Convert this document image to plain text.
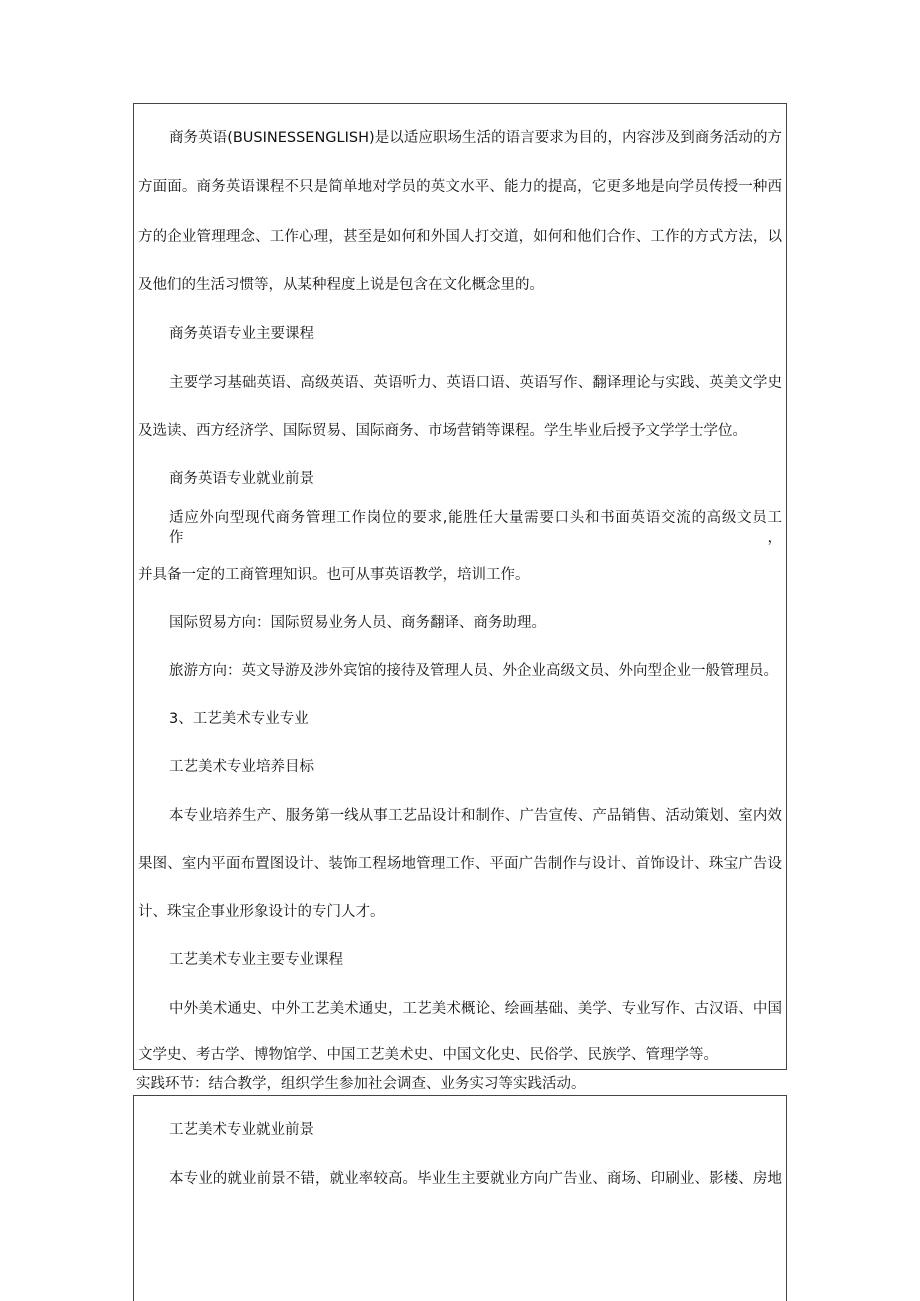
商务英语(BUSINESSENGLISH)是以适应职场生活的语言要求为目的，内容涉及到商务活动的方
方面面。商务英语课程不只是简单地对学员的英文水平、能力的提高，它更多地是向学员传授一种西
方的企业管理理念、工作心理，甚至是如何和外国人打交道，如何和他们合作、工作的方式方法，以
及他们的生活习惯等，从某种程度上说是包含在文化概念里的。
商务英语专业主要课程
主要学习基础英语、高级英语、英语听力、英语口语、英语写作、翻译理论与实践、英美文学史
及选读、西方经济学、国际贸易、国际商务、市场营销等课程。学生毕业后授予文学学士学位。
商务英语专业就业前景
适应外向型现代商务管理工作岗位的要求,能胜任大量需要口头和书面英语交流的高级文员工作，
并具备一定的工商管理知识。也可从事英语教学，培训工作。
国际贸易方向：国际贸易业务人员、商务翻译、商务助理。
旅游方向：英文导游及涉外宾馆的接待及管理人员、外企业高级文员、外向型企业一般管理员。
3、工艺美术专业专业
工艺美术专业培养目标
本专业培养生产、服务第一线从事工艺品设计和制作、广告宣传、产品销售、活动策划、室内效
果图、室内平面布置图设计、装饰工程场地管理工作、平面广告制作与设计、首饰设计、珠宝广告设
计、珠宝企事业形象设计的专门人才。
工艺美术专业主要专业课程
中外美术通史、中外工艺美术通史，工艺美术概论、绘画基础、美学、专业写作、古汉语、中国
文学史、考古学、博物馆学、中国工艺美术史、中国文化史、民俗学、民族学、管理学等。
实践环节：结合教学，组织学生参加社会调查、业务实习等实践活动。
工艺美术专业就业前景
本专业的就业前景不错，就业率较高。毕业生主要就业方向广告业、商场、印刷业、影楼、房地
